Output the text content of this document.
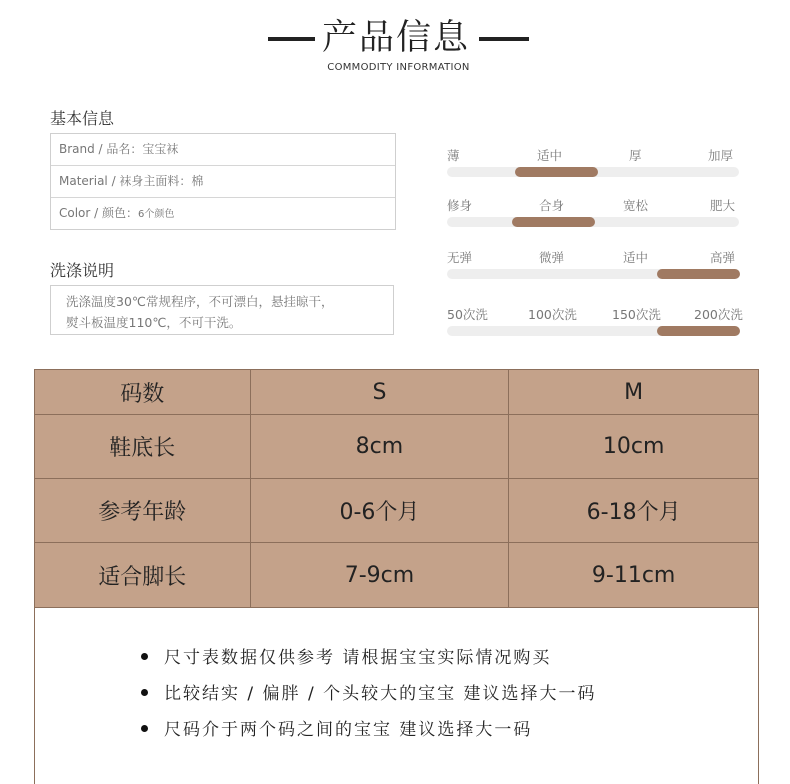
产品信息
COMMODITY INFORMATION
基本信息
Brand / 品名：宝宝袜
Material / 袜身主面料：棉
Color / 颜色：6个颜色
洗涤说明
洗涤温度30℃常规程序，不可漂白，悬挂晾干，
熨斗板温度110℃，不可干洗。
薄	适中	厚	加厚
修身	合身	宽松	肥大
无弹	微弹	适中	高弹
50次洗	100次洗	150次洗	200次洗
码数	S	M
鞋底长	8cm	10cm
参考年龄	0-6个月	6-18个月
适合脚长	7-9cm	9-11cm
尺寸表数据仅供参考 请根据宝宝实际情况购买
比较结实 / 偏胖 / 个头较大的宝宝 建议选择大一码
尺码介于两个码之间的宝宝 建议选择大一码
